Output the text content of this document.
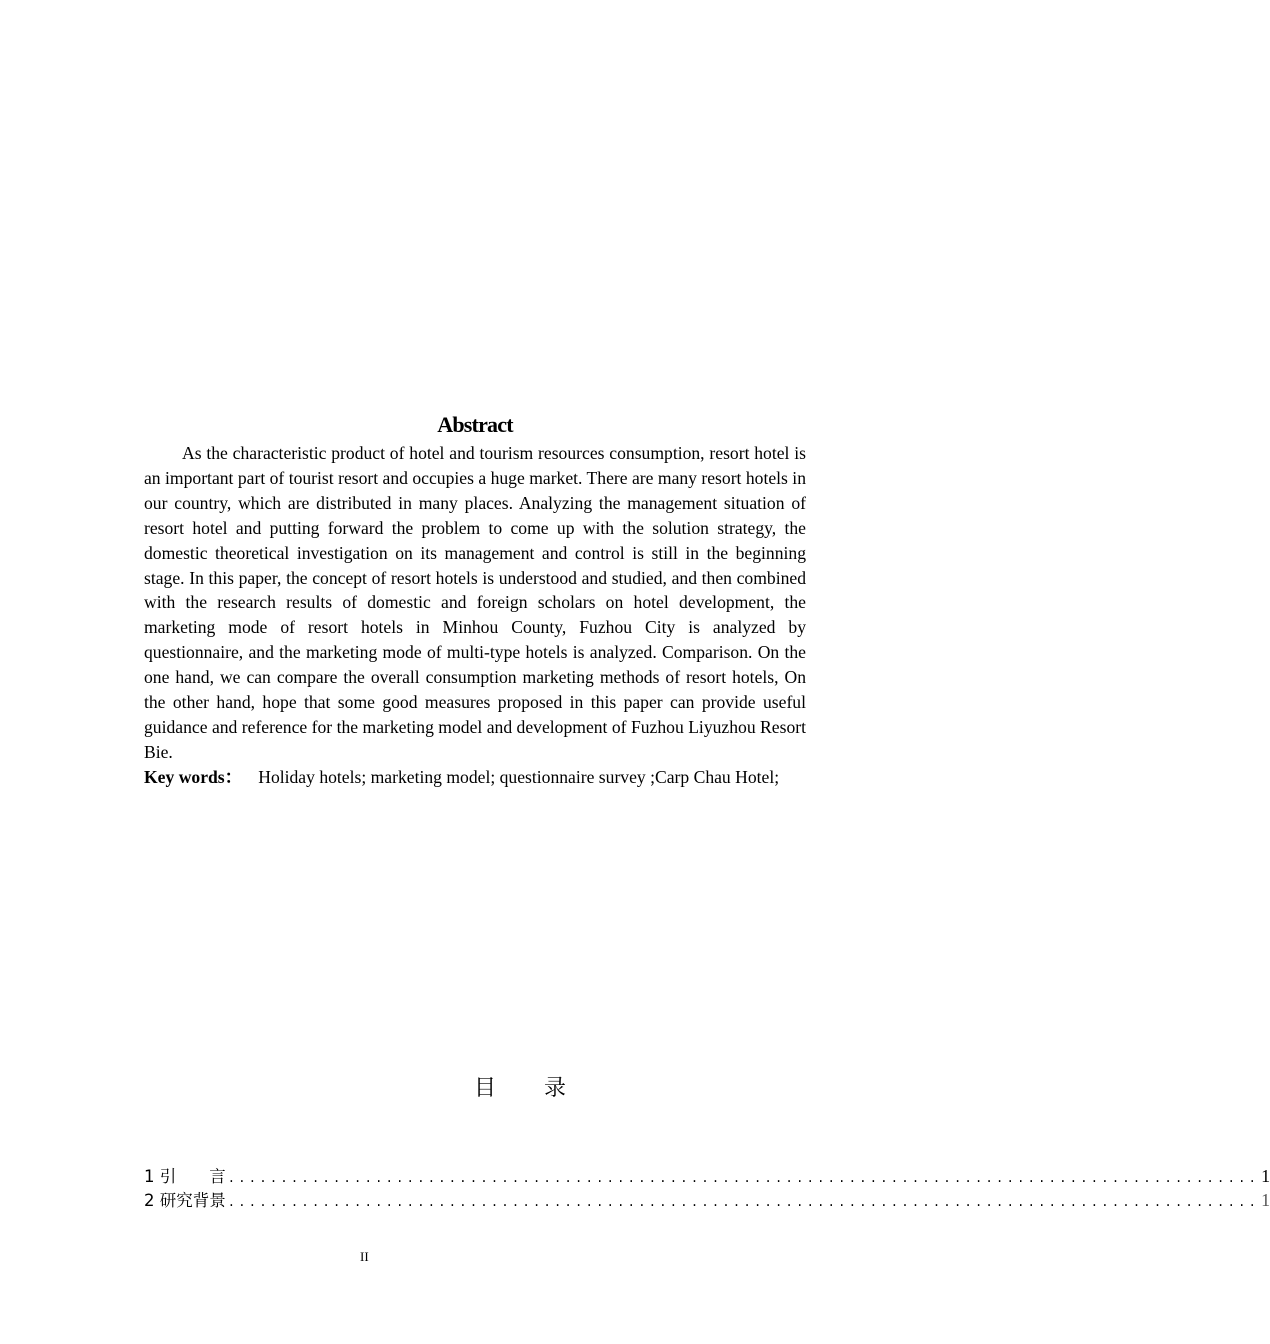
Abstract

As the characteristic product of hotel and tourism resources consumption, resort hotel is an important part of tourist resort and occupies a huge market. There are many resort hotels in our country, which are distributed in many places. Analyzing the management situation of resort hotel and putting forward the problem to come up with the solution strategy, the domestic theoretical investigation on its management and control is still in the beginning stage. In this paper, the concept of resort hotels is understood and studied, and then combined with the research results of domestic and foreign scholars on hotel development, the marketing mode of resort hotels in Minhou County, Fuzhou City is analyzed by questionnaire, and the marketing mode of multi-type hotels is analyzed. Comparison. On the one hand, we can compare the overall consumption marketing methods of resort hotels, On the other hand, hope that some good measures proposed in this paper can provide useful guidance and reference for the marketing model and development of Fuzhou Liyuzhou Resort Bie.

Key words： Holiday hotels; marketing model; questionnaire survey ;Carp Chau Hotel;

目 录
1 引　　言 .................................................................................................. 1
2 研究背景 .................................................................................................. 1
II
